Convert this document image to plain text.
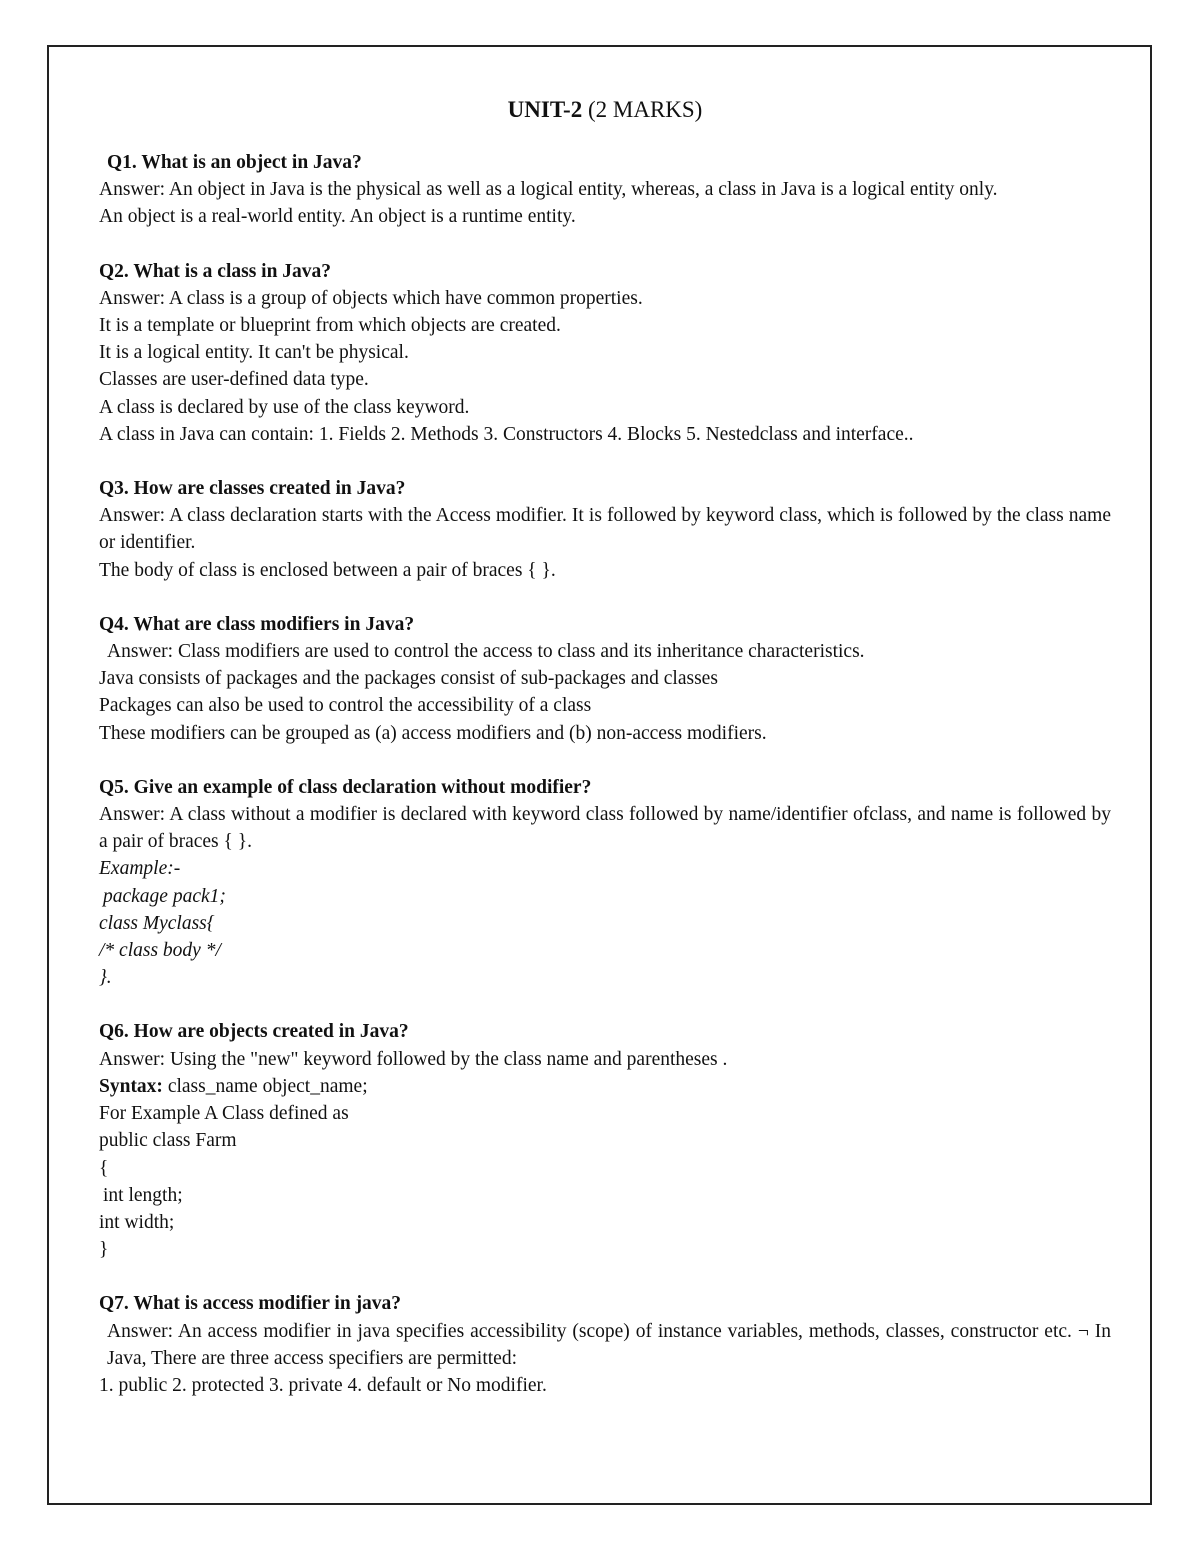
UNIT-2 (2 MARKS)

Q1. What is an object in Java?

Answer: An object in Java is the physical as well as a logical entity, whereas, a class in Java is a logical entity only.

An object is a real-world entity. An object is a runtime entity.

Q2. What is a class in Java?

Answer: A class is a group of objects which have common properties.

It is a template or blueprint from which objects are created.

It is a logical entity. It can't be physical.

Classes are user-defined data type.

A class is declared by use of the class keyword.

A class in Java can contain: 1. Fields 2. Methods 3. Constructors 4. Blocks 5. Nestedclass and interface..

Q3. How are classes created in Java?

Answer: A class declaration starts with the Access modifier. It is followed by keyword class, which is followed by the class name or identifier.

The body of class is enclosed between a pair of braces { }.

Q4. What are class modifiers in Java?

Answer: Class modifiers are used to control the access to class and its inheritance characteristics.

Java consists of packages and the packages consist of sub-packages and classes

Packages can also be used to control the accessibility of a class

These modifiers can be grouped as (a) access modifiers and (b) non-access modifiers.

Q5. Give an example of class declaration without modifier?

Answer: A class without a modifier is declared with keyword class followed by name/identifier ofclass, and name is followed by a pair of braces { }.

Example:-

package pack1;

class Myclass{

/* class body */

}.

Q6. How are objects created in Java?

Answer: Using the "new" keyword followed by the class name and parentheses .

Syntax: class_name object_name;

For Example A Class defined as

public class Farm

{

int length;

int width;

}

Q7. What is access modifier in java?

Answer: An access modifier in java specifies accessibility (scope) of instance variables, methods, classes, constructor etc. ¬ In Java, There are three access specifiers are permitted:

1. public 2. protected 3. private 4. default or No modifier.
